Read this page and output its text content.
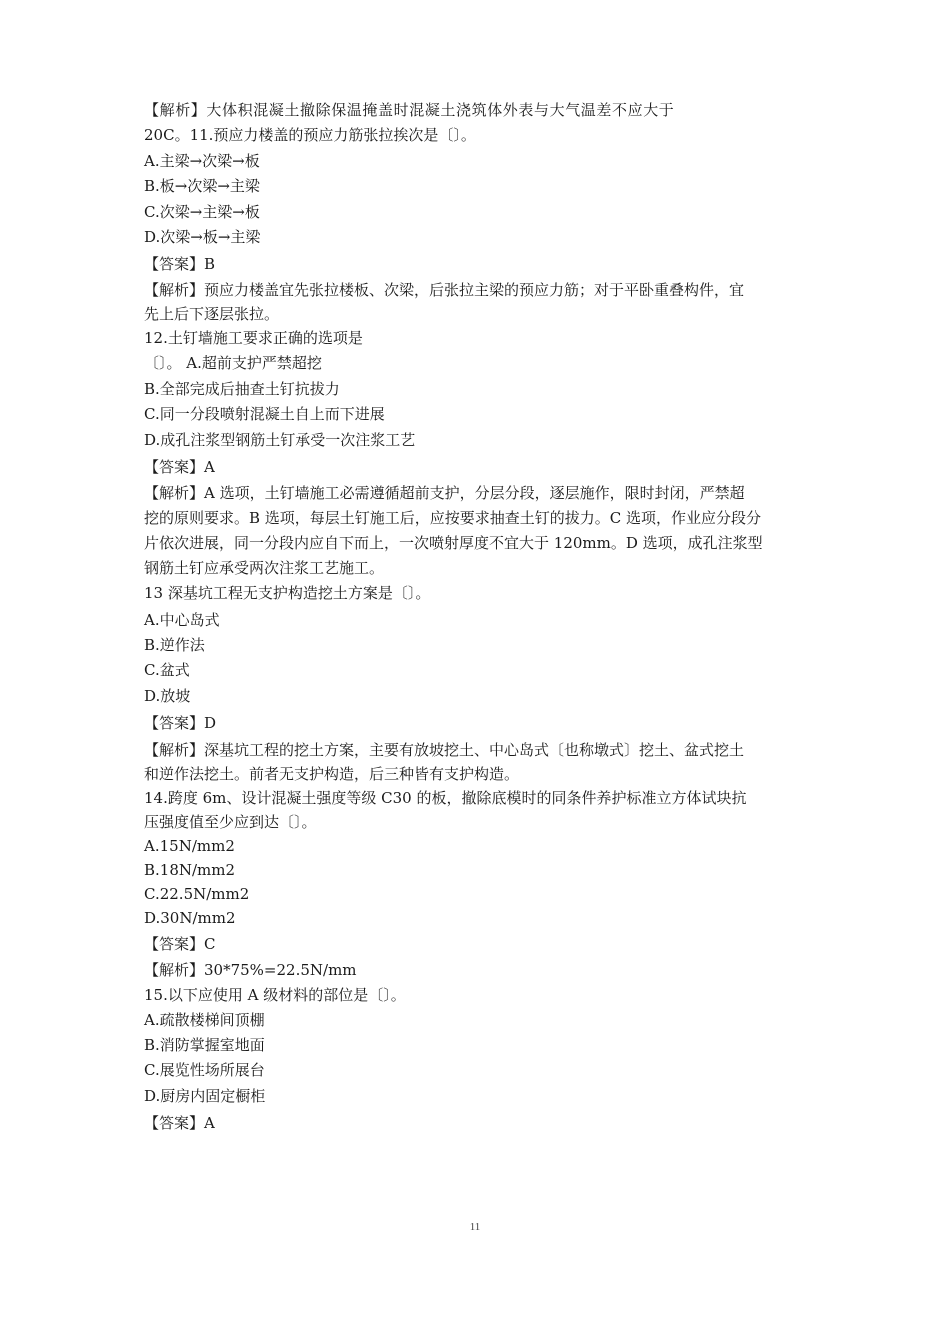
【解析】大体积混凝土撤除保温掩盖时混凝土浇筑体外表与大气温差不应大于
20C。11.预应力楼盖的预应力筋张拉挨次是〔〕。
A.主梁→次梁→板
B.板→次梁→主梁
C.次梁→主梁→板
D.次梁→板→主梁
【答案】B
【解析】预应力楼盖宜先张拉楼板、次梁，后张拉主梁的预应力筋；对于平卧重叠构件，宜
先上后下逐层张拉。
12.土钉墙施工要求正确的选项是
〔〕。 A.超前支护严禁超挖
B.全部完成后抽查土钉抗拔力
C.同一分段喷射混凝土自上而下进展
D.成孔注浆型钢筋土钉承受一次注浆工艺
【答案】A
【解析】A 选项，土钉墙施工必需遵循超前支护，分层分段，逐层施作，限时封闭，严禁超
挖的原则要求。B 选项，每层土钉施工后，应按要求抽查土钉的拔力。C 选项，作业应分段分
片依次进展，同一分段内应自下而上，一次喷射厚度不宜大于 120mm。D 选项，成孔注浆型
钢筋土钉应承受两次注浆工艺施工。
13 深基坑工程无支护构造挖土方案是〔〕。
A.中心岛式
B.逆作法
C.盆式
D.放坡
【答案】D
【解析】深基坑工程的挖土方案，主要有放坡挖土、中心岛式〔也称墩式〕挖土、盆式挖土
和逆作法挖土。前者无支护构造，后三种皆有支护构造。
14.跨度 6m、设计混凝土强度等级 C30 的板，撤除底模时的同条件养护标准立方体试块抗
压强度值至少应到达〔〕。
A.15N/mm2
B.18N/mm2
C.22.5N/mm2
D.30N/mm2
【答案】C
【解析】30*75%=22.5N/mm
15.以下应使用 A 级材料的部位是〔〕。
A.疏散楼梯间顶棚
B.消防掌握室地面
C.展览性场所展台
D.厨房内固定橱柜
【答案】A
11
